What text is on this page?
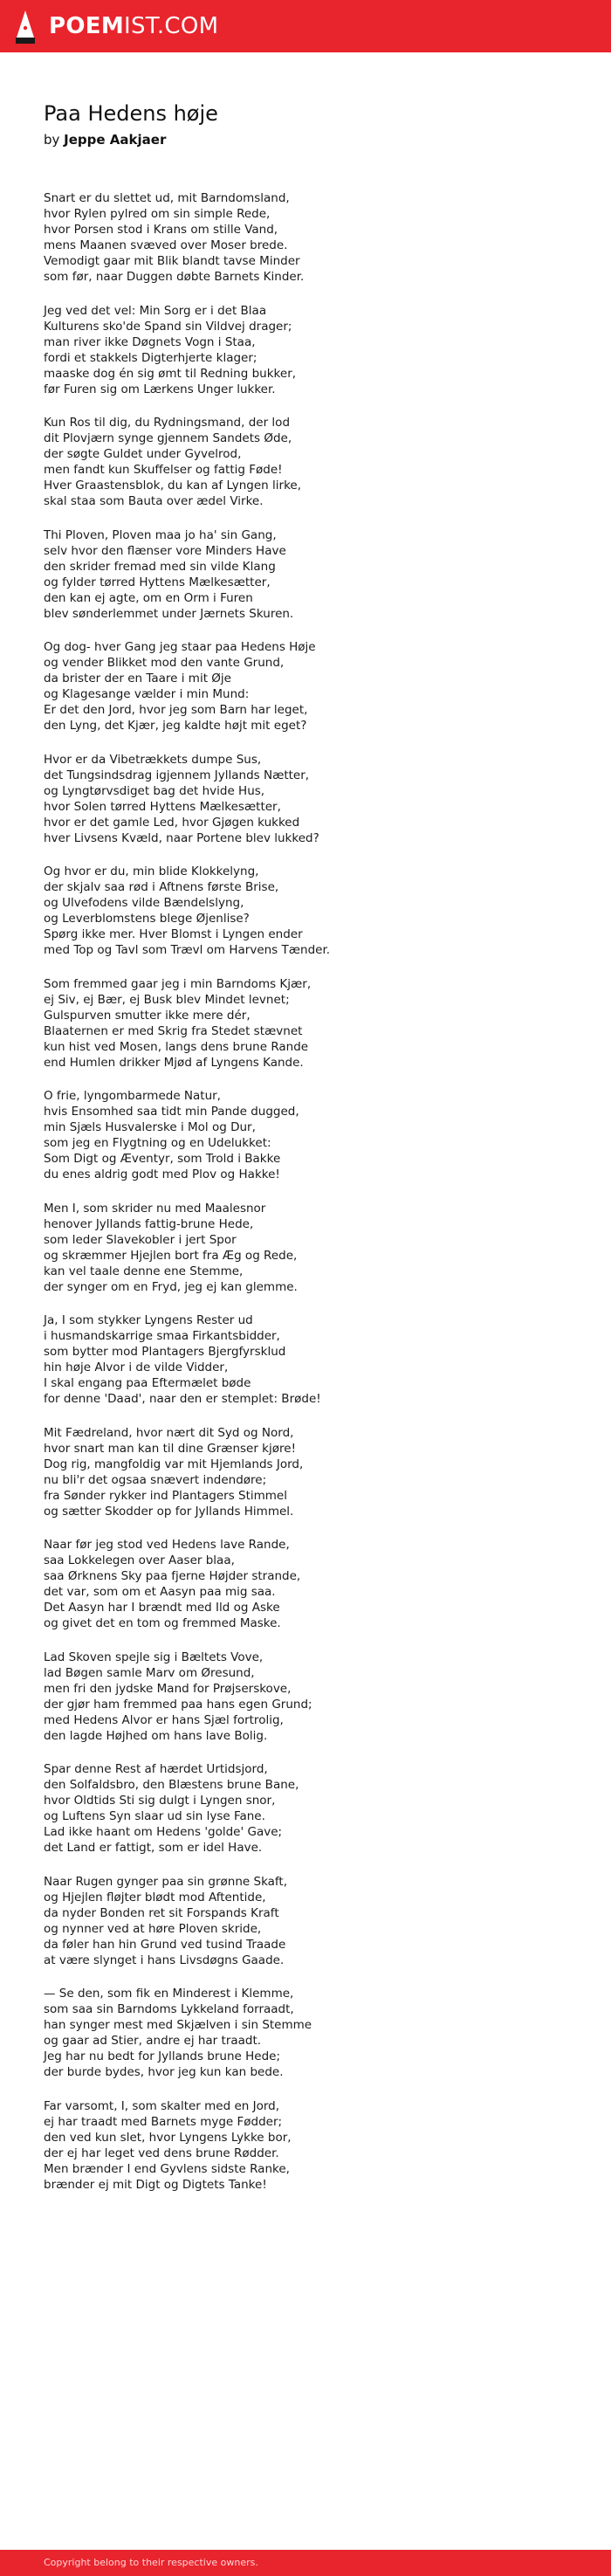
POEMIST.COM
Paa Hedens høje
by Jeppe Aakjaer
Snart er du slettet ud, mit Barndomsland,
hvor Rylen pylred om sin simple Rede,
hvor Porsen stod i Krans om stille Vand,
mens Maanen svæved over Moser brede.
Vemodigt gaar mit Blik blandt tavse Minder
som før, naar Duggen døbte Barnets Kinder.
Jeg ved det vel: Min Sorg er i det Blaa
Kulturens sko'de Spand sin Vildvej drager;
man river ikke Døgnets Vogn i Staa,
fordi et stakkels Digterhjerte klager;
maaske dog én sig ømt til Redning bukker,
før Furen sig om Lærkens Unger lukker.
Kun Ros til dig, du Rydningsmand, der lod
dit Plovjærn synge gjennem Sandets Øde,
der søgte Guldet under Gyvelrod,
men fandt kun Skuffelser og fattig Føde!
Hver Graastensblok, du kan af Lyngen lirke,
skal staa som Bauta over ædel Virke.
Thi Ploven, Ploven maa jo ha' sin Gang,
selv hvor den flænser vore Minders Have
den skrider fremad med sin vilde Klang
og fylder tørred Hyttens Mælkesætter,
den kan ej agte, om en Orm i Furen
blev sønderlemmet under Jærnets Skuren.
Og dog- hver Gang jeg staar paa Hedens Høje
og vender Blikket mod den vante Grund,
da brister der en Taare i mit Øje
og Klagesange vælder i min Mund:
Er det den Jord, hvor jeg som Barn har leget,
den Lyng, det Kjær, jeg kaldte højt mit eget?
Hvor er da Vibetrækkets dumpe Sus,
det Tungsindsdrag igjennem Jyllands Nætter,
og Lyngtørvsdiget bag det hvide Hus,
hvor Solen tørred Hyttens Mælkesætter,
hvor er det gamle Led, hvor Gjøgen kukked
hver Livsens Kvæld, naar Portene blev lukked?
Og hvor er du, min blide Klokkelyng,
der skjalv saa rød i Aftnens første Brise,
og Ulvefodens vilde Bændelslyng,
og Leverblomstens blege Øjenlise?
Spørg ikke mer. Hver Blomst i Lyngen ender
med Top og Tavl som Trævl om Harvens Tænder.
Som fremmed gaar jeg i min Barndoms Kjær,
ej Siv, ej Bær, ej Busk blev Mindet levnet;
Gulspurven smutter ikke mere dér,
Blaaternen er med Skrig fra Stedet stævnet
kun hist ved Mosen, langs dens brune Rande
end Humlen drikker Mjød af Lyngens Kande.
O frie, lyngombarmede Natur,
hvis Ensomhed saa tidt min Pande dugged,
min Sjæls Husvalerske i Mol og Dur,
som jeg en Flygtning og en Udelukket:
Som Digt og Æventyr, som Trold i Bakke
du enes aldrig godt med Plov og Hakke!
Men I, som skrider nu med Maalesnor
henover Jyllands fattig-brune Hede,
som leder Slavekobler i jert Spor
og skræmmer Hjejlen bort fra Æg og Rede,
kan vel taale denne ene Stemme,
der synger om en Fryd, jeg ej kan glemme.
Ja, I som stykker Lyngens Rester ud
i husmandskarrige smaa Firkantsbidder,
som bytter mod Plantagers Bjergfyrsklud
hin høje Alvor i de vilde Vidder,
I skal engang paa Eftermælet bøde
for denne 'Daad', naar den er stemplet: Brøde!
Mit Fædreland, hvor nært dit Syd og Nord,
hvor snart man kan til dine Grænser kjøre!
Dog rig, mangfoldig var mit Hjemlands Jord,
nu bli'r det ogsaa snævert indendøre;
fra Sønder rykker ind Plantagers Stimmel
og sætter Skodder op for Jyllands Himmel.
Naar før jeg stod ved Hedens lave Rande,
saa Lokkelegen over Aaser blaa,
saa Ørknens Sky paa fjerne Højder strande,
det var, som om et Aasyn paa mig saa.
Det Aasyn har I brændt med Ild og Aske
og givet det en tom og fremmed Maske.
Lad Skoven spejle sig i Bæltets Vove,
lad Bøgen samle Marv om Øresund,
men fri den jydske Mand for Prøjserskove,
der gjør ham fremmed paa hans egen Grund;
med Hedens Alvor er hans Sjæl fortrolig,
den lagde Højhed om hans lave Bolig.
Spar denne Rest af hærdet Urtidsjord,
den Solfaldsbro, den Blæstens brune Bane,
hvor Oldtids Sti sig dulgt i Lyngen snor,
og Luftens Syn slaar ud sin lyse Fane.
Lad ikke haant om Hedens 'golde' Gave;
det Land er fattigt, som er idel Have.
Naar Rugen gynger paa sin grønne Skaft,
og Hjejlen fløjter blødt mod Aftentide,
da nyder Bonden ret sit Forspands Kraft
og nynner ved at høre Ploven skride,
da føler han hin Grund ved tusind Traade
at være slynget i hans Livsdøgns Gaade.
— Se den, som fik en Minderest i Klemme,
som saa sin Barndoms Lykkeland forraadt,
han synger mest med Skjælven i sin Stemme
og gaar ad Stier, andre ej har traadt.
Jeg har nu bedt for Jyllands brune Hede;
der burde bydes, hvor jeg kun kan bede.
Far varsomt, I, som skalter med en Jord,
ej har traadt med Barnets myge Fødder;
den ved kun slet, hvor Lyngens Lykke bor,
der ej har leget ved dens brune Rødder.
Men brænder I end Gyvlens sidste Ranke,
brænder ej mit Digt og Digtets Tanke!
Copyright belong to their respective owners.
